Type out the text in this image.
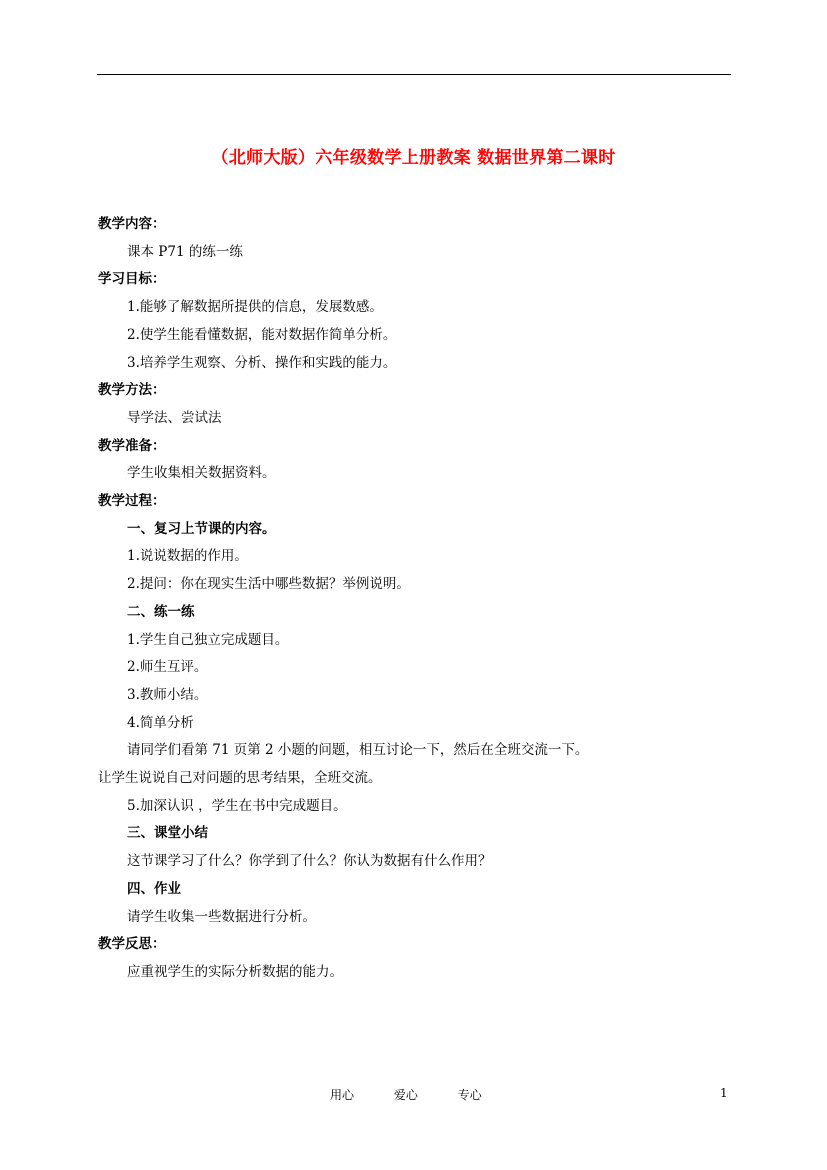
（北师大版）六年级数学上册教案 数据世界第二课时
教学内容：
课本 P71 的练一练
学习目标：
1.能够了解数据所提供的信息，发展数感。
2.使学生能看懂数据，能对数据作简单分析。
3.培养学生观察、分析、操作和实践的能力。
教学方法：
导学法、尝试法
教学准备：
学生收集相关数据资料。
教学过程：
一、复习上节课的内容。
1.说说数据的作用。
2.提问：你在现实生活中哪些数据？举例说明。
二、练一练
1.学生自己独立完成题目。
2.师生互评。
3.教师小结。
4.简单分析
请同学们看第 71 页第 2 小题的问题，相互讨论一下，然后在全班交流一下。
让学生说说自己对问题的思考结果，全班交流。
5.加深认识 ，学生在书中完成题目。
三、课堂小结
这节课学习了什么？你学到了什么？你认为数据有什么作用？
四、作业
请学生收集一些数据进行分析。
教学反思：
应重视学生的实际分析数据的能力。
用心	爱心	专心	1
